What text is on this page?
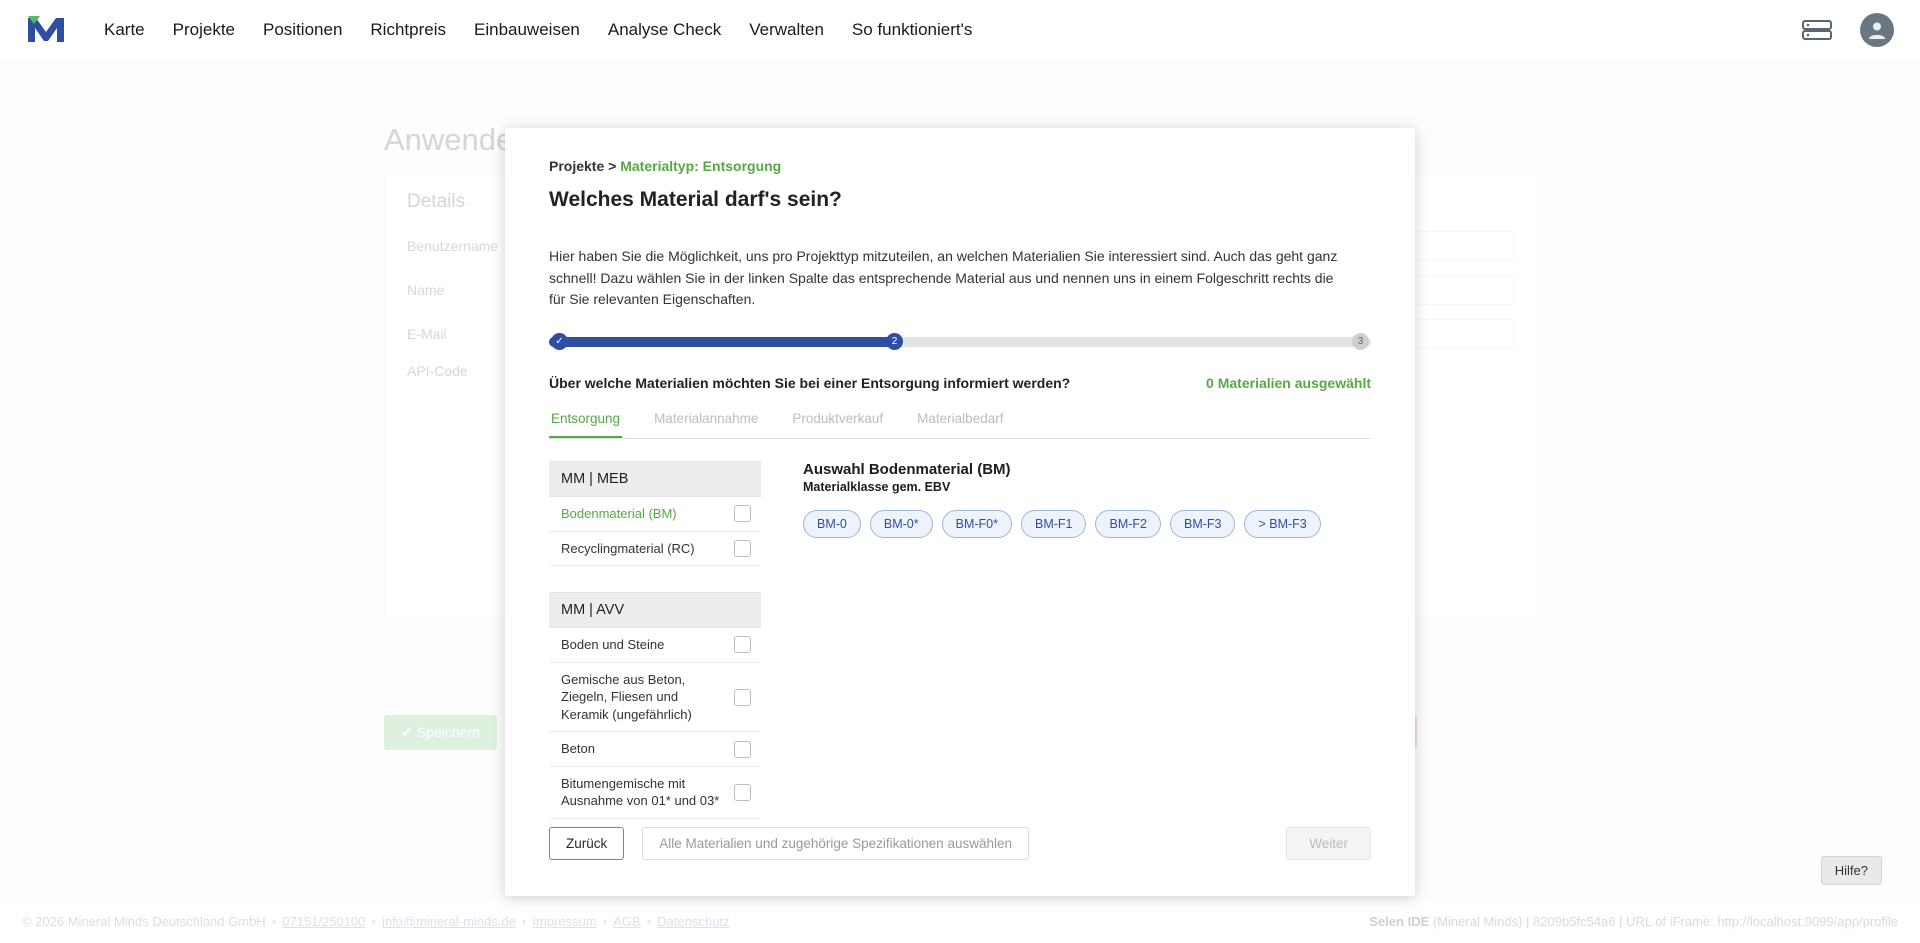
Karte Projekte Positionen Richtpreis Einbauweisen Analyse Check Verwalten So funktioniert's
Projekte > Materialtyp: Entsorgung
Welches Material darf's sein?
Hier haben Sie die Möglichkeit, uns pro Projekttyp mitzuteilen, an welchen Materialien Sie interessiert sind. Auch das geht ganz schnell! Dazu wählen Sie in der linken Spalte das entsprechende Material aus und nennen uns in einem Folgeschritt rechts die für Sie relevanten Eigenschaften.
✓	2	3
Über welche Materialien möchten Sie bei einer Entsorgung informiert werden?	0 Materialien ausgewählt
Entsorgung	Materialannahme	Produktverkauf	Materialbedarf
MM | MEB
Bodenmaterial (BM)
Recyclingmaterial (RC)
MM | AVV
Boden und Steine
Gemische aus Beton, Ziegeln, Fliesen und Keramik (ungefährlich)
Beton
Bitumengemische mit Ausnahme von 01* und 03*
Auswahl Bodenmaterial (BM)
Materialklasse gem. EBV
BM-0	BM-0*	BM-F0*	BM-F1	BM-F2	BM-F3	> BM-F3
Zurück	Alle Materialien und zugehörige Spezifikationen auswählen	Weiter
Hilfe?
